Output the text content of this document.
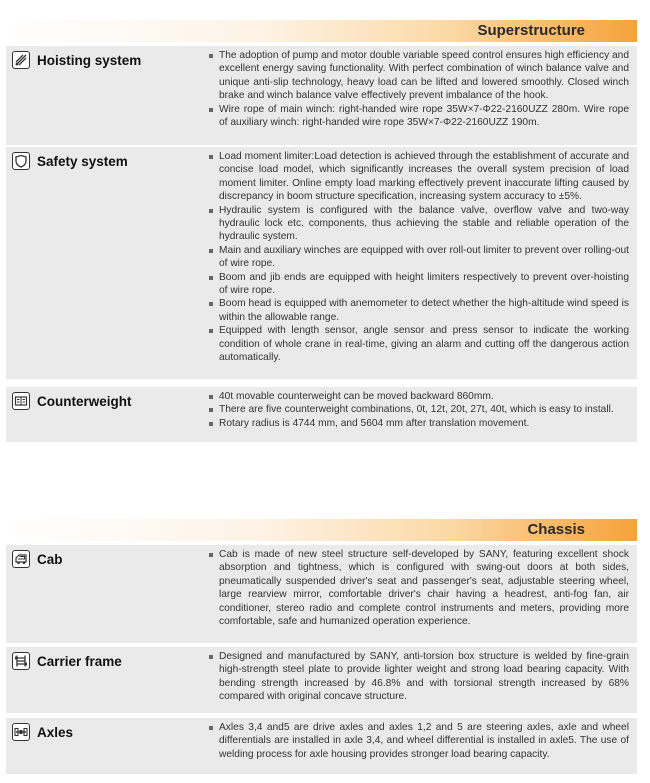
Superstructure
Hoisting system	The adoption of pump and motor double variable speed control ensures high efficiency and excellent energy saving functionality. With perfect combination of winch balance valve and unique anti-slip technology, heavy load can be lifted and lowered smoothly. Closed winch brake and winch balance valve effectively prevent imbalance of the hook.
Wire rope of main winch: right-handed wire rope 35W×7-Φ22-2160UZZ 280m. Wire rope of auxiliary winch: right-handed wire rope 35W×7-Φ22-2160UZZ 190m.
Safety system	Load moment limiter:Load detection is achieved through the establishment of accurate and concise load model, which significantly increases the overall system precision of load moment limiter. Online empty load marking effectively prevent inaccurate lifting caused by discrepancy in boom structure specification, increasing system accuracy to ±5%.
Hydraulic system is configured with the balance valve, overflow valve and two-way hydraulic lock etc. components, thus achieving the stable and reliable operation of the hydraulic system.
Main and auxiliary winches are equipped with over roll-out limiter to prevent over rolling-out of wire rope.
Boom and jib ends are equipped with height limiters respectively to prevent over-hoisting of wire rope.
Boom head is equipped with anemometer to detect whether the high-altitude wind speed is within the allowable range.
Equipped with length sensor, angle sensor and press sensor to indicate the working condition of whole crane in real-time, giving an alarm and cutting off the dangerous action automatically.
Counterweight	40t movable counterweight can be moved backward 860mm.
There are five counterweight combinations, 0t, 12t, 20t, 27t, 40t, which is easy to install.
Rotary radius is 4744 mm, and 5604 mm after translation movement.
Chassis
Cab	Cab is made of new steel structure self-developed by SANY, featuring excellent shock absorption and tightness, which is configured with swing-out doors at both sides, pneumatically suspended driver's seat and passenger's seat, adjustable steering wheel, large rearview mirror, comfortable driver's chair having a headrest, anti-fog fan, air conditioner, stereo radio and complete control instruments and meters, providing more comfortable, safe and humanized operation experience.
Carrier frame	Designed and manufactured by SANY, anti-torsion box structure is welded by fine-grain high-strength steel plate to provide lighter weight and strong load bearing capacity. With bending strength increased by 46.8% and with torsional strength increased by 68% compared with original concave structure.
Axles	Axles 3,4 and5 are drive axles and axles 1,2 and 5 are steering axles, axle and wheel differentials are installed in axle 3,4, and wheel differential is installed in axle5. The use of welding process for axle housing provides stronger load bearing capacity.
